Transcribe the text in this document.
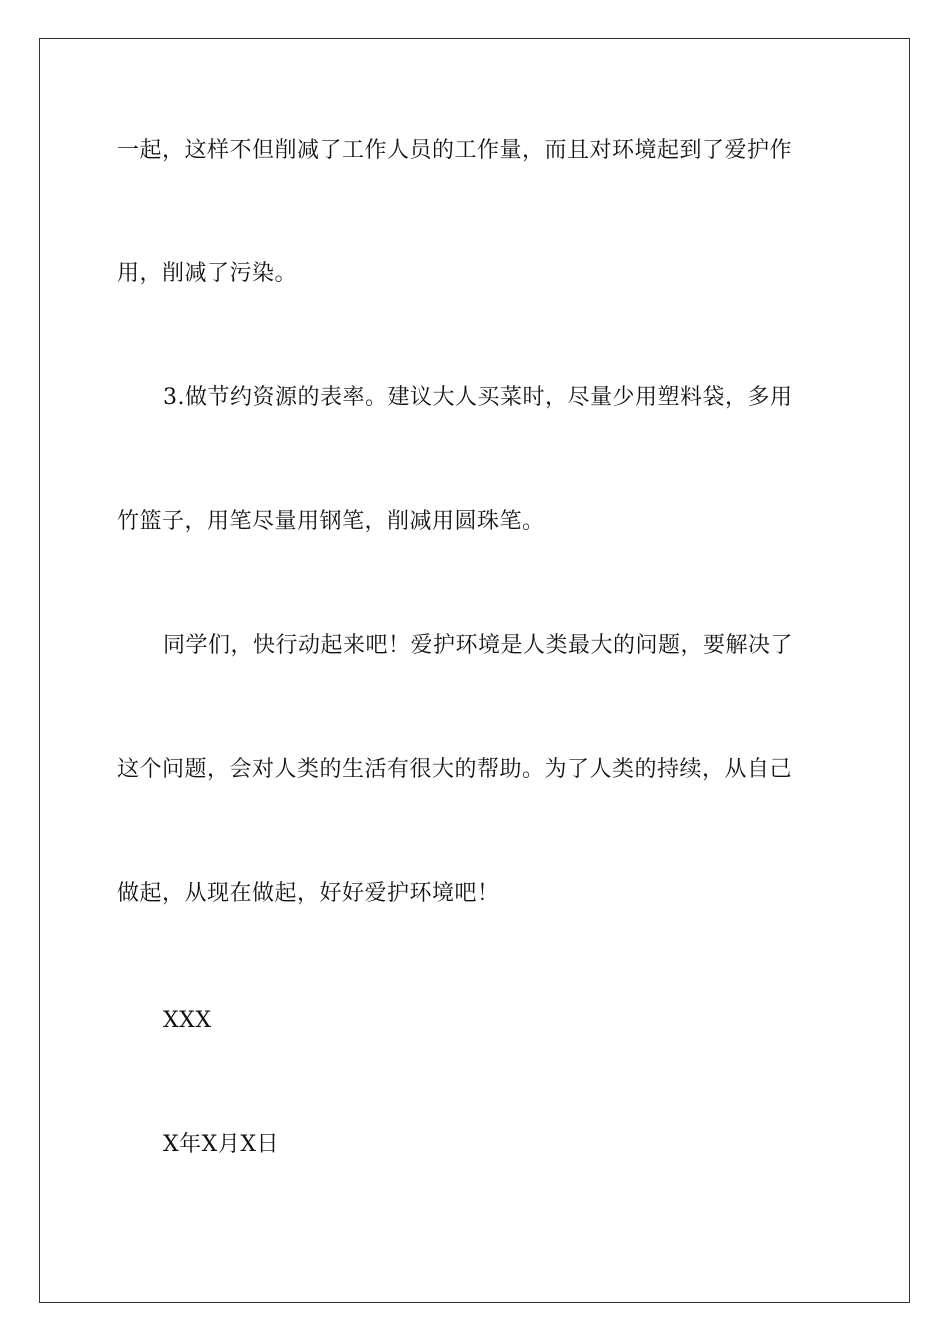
一起，这样不但削减了工作人员的工作量，而且对环境起到了爱护作
用，削减了污染。
3.做节约资源的表率。建议大人买菜时，尽量少用塑料袋，多用
竹篮子，用笔尽量用钢笔，削减用圆珠笔。
同学们，快行动起来吧！爱护环境是人类最大的问题，要解决了
这个问题，会对人类的生活有很大的帮助。为了人类的持续，从自己
做起，从现在做起，好好爱护环境吧！
XXX
X年X月X日
